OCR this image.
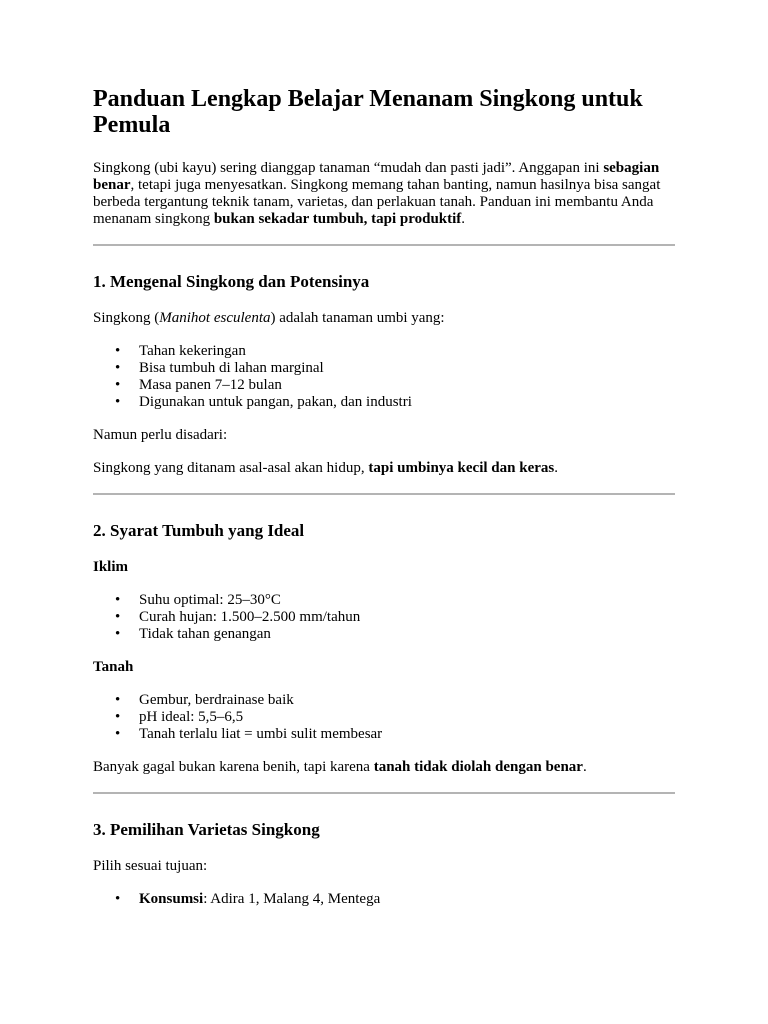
Panduan Lengkap Belajar Menanam Singkong untuk Pemula

Singkong (ubi kayu) sering dianggap tanaman “mudah dan pasti jadi”. Anggapan ini sebagian benar, tetapi juga menyesatkan. Singkong memang tahan banting, namun hasilnya bisa sangat berbeda tergantung teknik tanam, varietas, dan perlakuan tanah. Panduan ini membantu Anda menanam singkong bukan sekadar tumbuh, tapi produktif.

1. Mengenal Singkong dan Potensinya

Singkong (Manihot esculenta) adalah tanaman umbi yang:

• Tahan kekeringan
• Bisa tumbuh di lahan marginal
• Masa panen 7–12 bulan
• Digunakan untuk pangan, pakan, dan industri

Namun perlu disadari:

Singkong yang ditanam asal-asal akan hidup, tapi umbinya kecil dan keras.

2. Syarat Tumbuh yang Ideal
Iklim
• Suhu optimal: 25–30°C
• Curah hujan: 1.500–2.500 mm/tahun
• Tidak tahan genangan
Tanah
• Gembur, berdrainase baik
• pH ideal: 5,5–6,5
• Tanah terlalu liat = umbi sulit membesar

Banyak gagal bukan karena benih, tapi karena tanah tidak diolah dengan benar.

3. Pemilihan Varietas Singkong

Pilih sesuai tujuan:

• Konsumsi: Adira 1, Malang 4, Mentega
